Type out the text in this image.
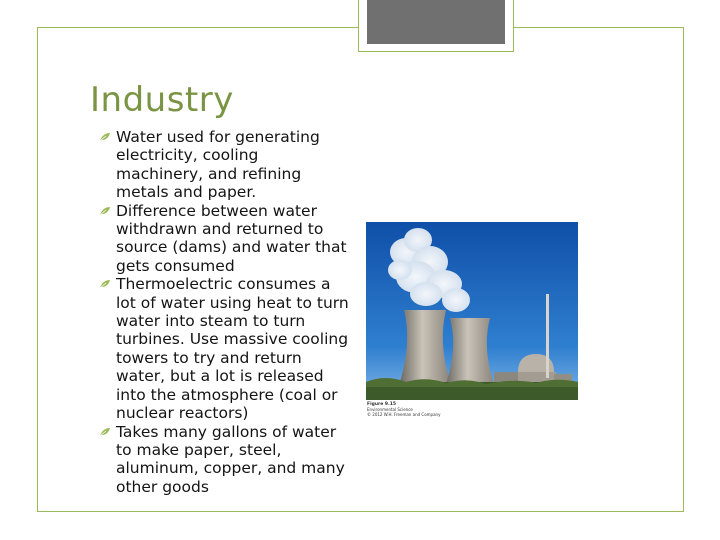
Industry
Water used for generating electricity, cooling machinery, and refining metals and paper.
Difference between water withdrawn and returned to source (dams) and water that gets consumed
Thermoelectric consumes a lot of water using heat to turn water into steam to turn turbines. Use massive cooling towers to try and return water, but a lot is released into the atmosphere (coal or nuclear reactors)
Takes many gallons of water to make paper, steel, aluminum, copper, and many other goods
Figure 9.15
Environmental Science
© 2012 W.H. Freeman and Company
